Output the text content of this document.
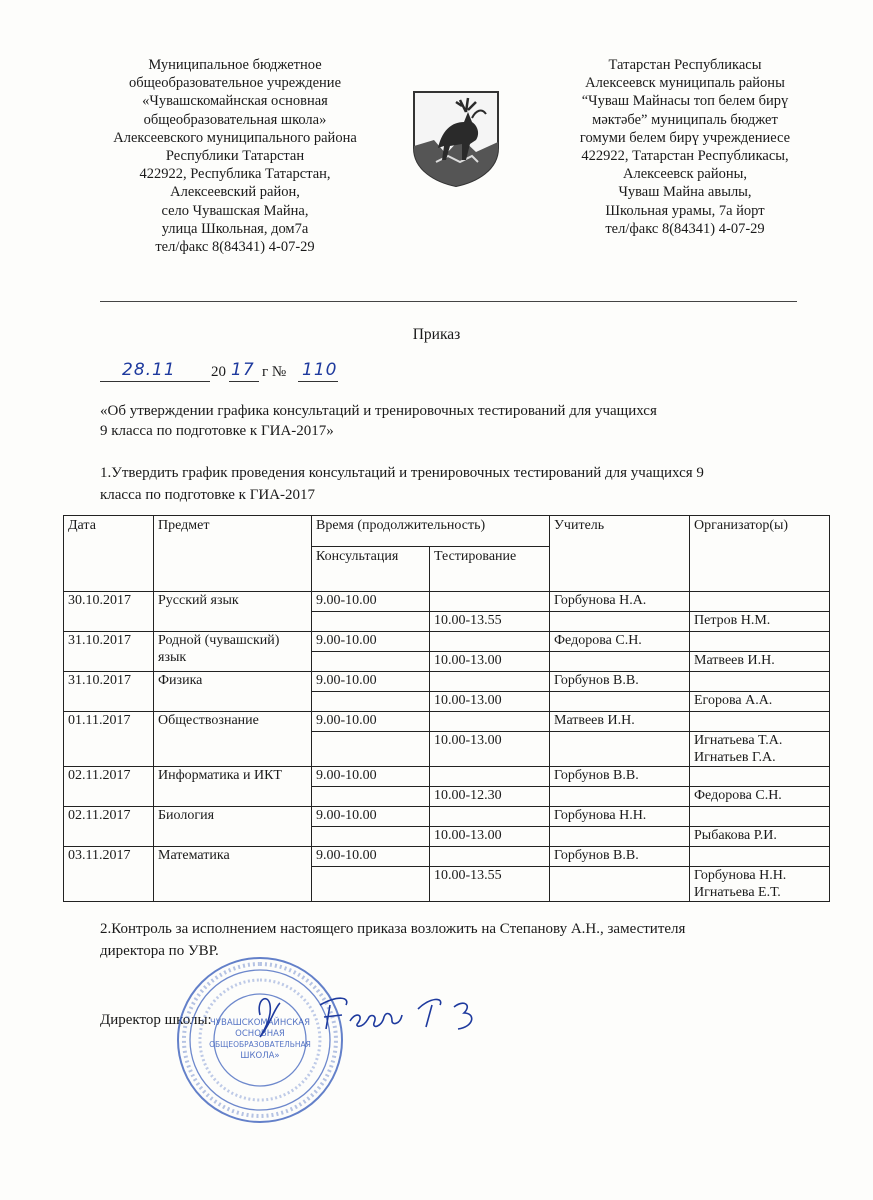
Муниципальное бюджетное
общеобразовательное учреждение
«Чувашскомайнская основная
общеобразовательная школа»
Алексеевского муниципального района
Республики Татарстан
422922, Республика Татарстан,
Алексеевский район,
село Чувашская Майна,
улица Школьная, дом7а
тел/факс 8(84341) 4-07-29
Татарстан Республикасы
Алексеевск муниципаль районы
“Чуваш Майнасы топ белем бирү
мәктәбе” муниципаль бюджет
гомуми белем бирү учреждениесе
422922, Татарстан Республикасы,
Алексеевск районы,
Чуваш Майна авылы,
Школьная урамы, 7а йорт
тел/факс 8(84341) 4-07-29
Приказ
28.11 20 17 г № 110
«Об утверждении графика консультаций и тренировочных тестирований для учащихся
9 класса по подготовке к ГИА-2017»
1.Утвердить график проведения консультаций и тренировочных тестирований для учащихся 9
класса по подготовке к ГИА-2017
Дата	Предмет	Время (продолжительность)		Учитель	Организатор(ы)
		Консультация	Тестирование		
30.10.2017	Русский язык	9.00-10.00		Горбунова Н.А.	
			10.00-13.55		Петров Н.М.
31.10.2017	Родной (чувашский) язык	9.00-10.00		Федорова С.Н.	
			10.00-13.00		Матвеев И.Н.
31.10.2017	Физика	9.00-10.00		Горбунов В.В.	
			10.00-13.00		Егорова А.А.
01.11.2017	Обществознание	9.00-10.00		Матвеев И.Н.	
			10.00-13.00		Игнатьева Т.А.
Игнатьев Г.А.
02.11.2017	Информатика и ИКТ	9.00-10.00		Горбунов В.В.	
			10.00-12.30		Федорова С.Н.
02.11.2017	Биология	9.00-10.00		Горбунова Н.Н.	
			10.00-13.00		Рыбакова Р.И.
03.11.2017	Математика	9.00-10.00		Горбунов В.В.	
			10.00-13.55		Горбунова Н.Н.
Игнатьева Е.Т.
2.Контроль за исполнением настоящего приказа возложить на Степанову А.Н., заместителя
директора по УВР.
Директор школы:
ЧУВАШСКОМАЙНСКАЯ
ОСНОВНАЯ
ОБЩЕОБРАЗОВАТЕЛЬНАЯ
ШКОЛА»
